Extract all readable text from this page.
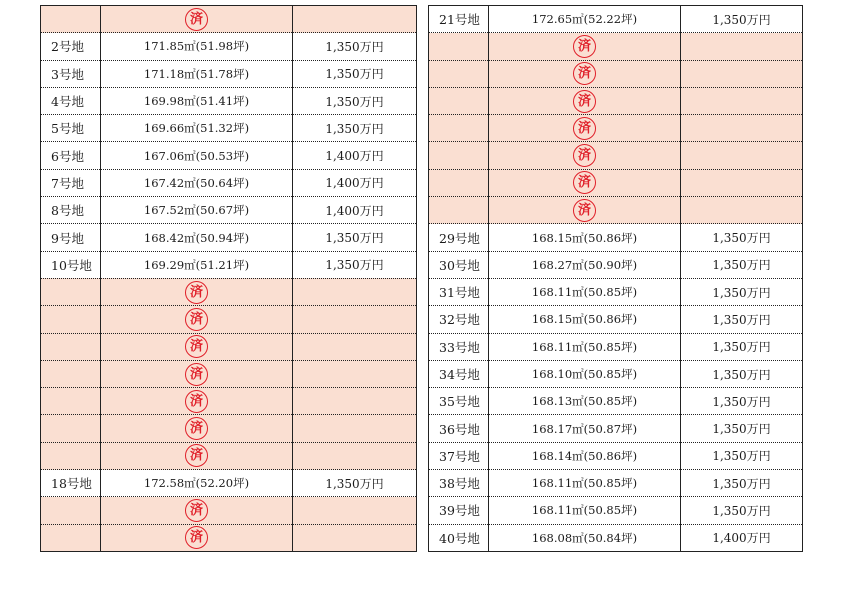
	済	
2号地	171.85㎡(51.98坪)	1,350万円
3号地	171.18㎡(51.78坪)	1,350万円
4号地	169.98㎡(51.41坪)	1,350万円
5号地	169.66㎡(51.32坪)	1,350万円
6号地	167.06㎡(50.53坪)	1,400万円
7号地	167.42㎡(50.64坪)	1,400万円
8号地	167.52㎡(50.67坪)	1,400万円
9号地	168.42㎡(50.94坪)	1,350万円
10号地	169.29㎡(51.21坪)	1,350万円
	済	
	済	
	済	
	済	
	済	
	済	
	済	
18号地	172.58㎡(52.20坪)	1,350万円
	済	
	済	
21号地	172.65㎡(52.22坪)	1,350万円
	済	
	済	
	済	
	済	
	済	
	済	
	済	
29号地	168.15㎡(50.86坪)	1,350万円
30号地	168.27㎡(50.90坪)	1,350万円
31号地	168.11㎡(50.85坪)	1,350万円
32号地	168.15㎡(50.86坪)	1,350万円
33号地	168.11㎡(50.85坪)	1,350万円
34号地	168.10㎡(50.85坪)	1,350万円
35号地	168.13㎡(50.85坪)	1,350万円
36号地	168.17㎡(50.87坪)	1,350万円
37号地	168.14㎡(50.86坪)	1,350万円
38号地	168.11㎡(50.85坪)	1,350万円
39号地	168.11㎡(50.85坪)	1,350万円
40号地	168.08㎡(50.84坪)	1,400万円
